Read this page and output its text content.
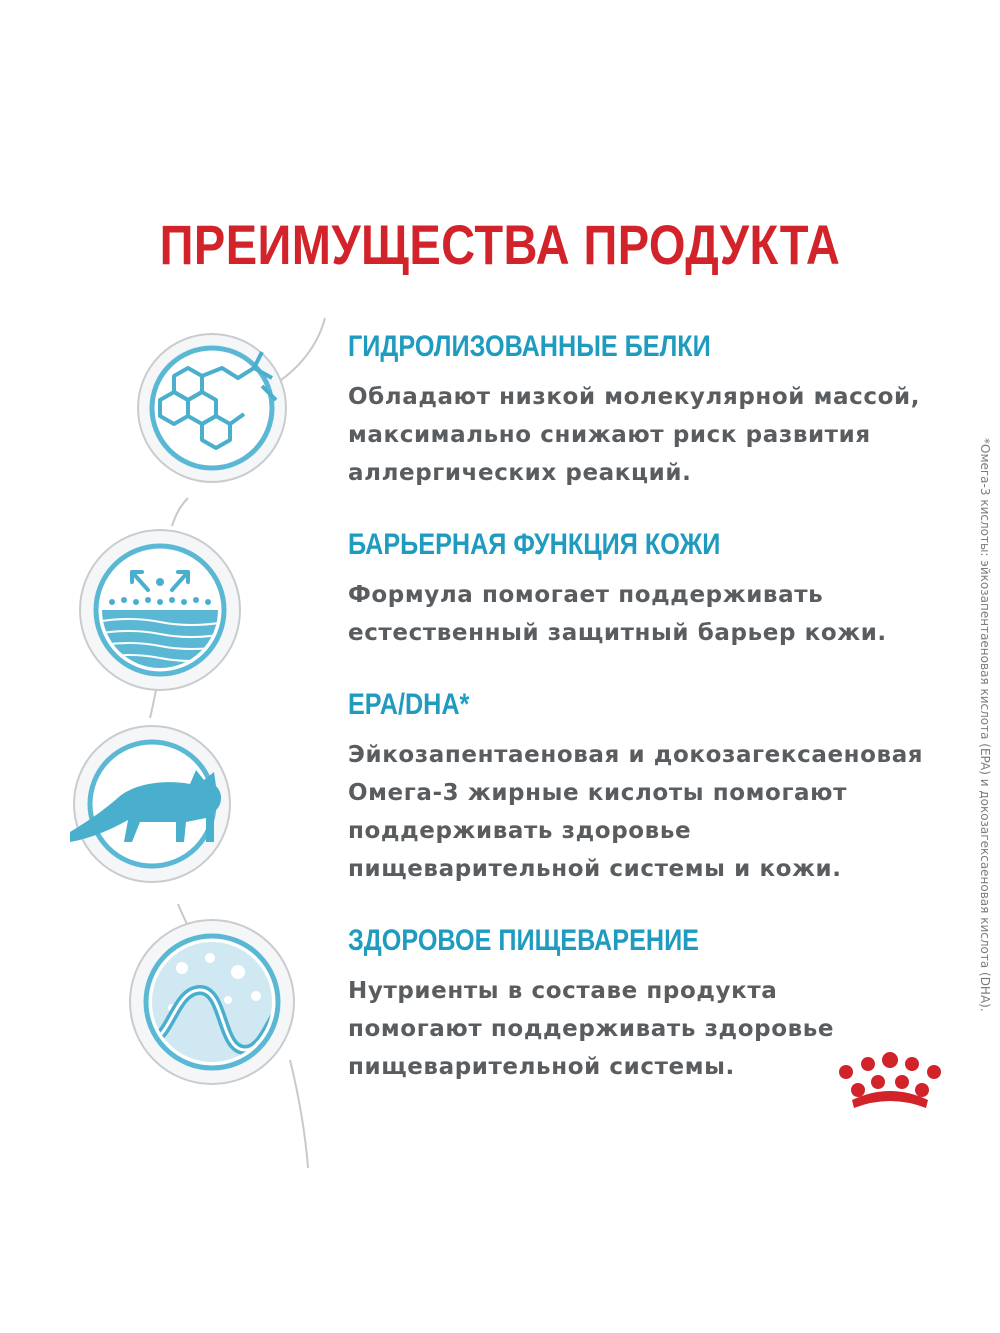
ПРЕИМУЩЕСТВА ПРОДУКТА
ГИДРОЛИЗОВАННЫЕ БЕЛКИ

Обладают низкой молекулярной массой,
максимально снижают риск развития
аллергических реакций.

БАРЬЕРНАЯ ФУНКЦИЯ КОЖИ

Формула помогает поддерживать
естественный защитный барьер кожи.

EPA/DHA*

Эйкозапентаеновая и докозагексаеновая
Омега-3 жирные кислоты помогают
поддерживать здоровье
пищеварительной системы и кожи.

ЗДОРОВОЕ ПИЩЕВАРЕНИЕ

Нутриенты в составе продукта
помогают поддерживать здоровье
пищеварительной системы.

*Омега-3 кислоты: эйкозапентаеновая кислота (EPA) и докозагексаеновая кислота (DHA).
